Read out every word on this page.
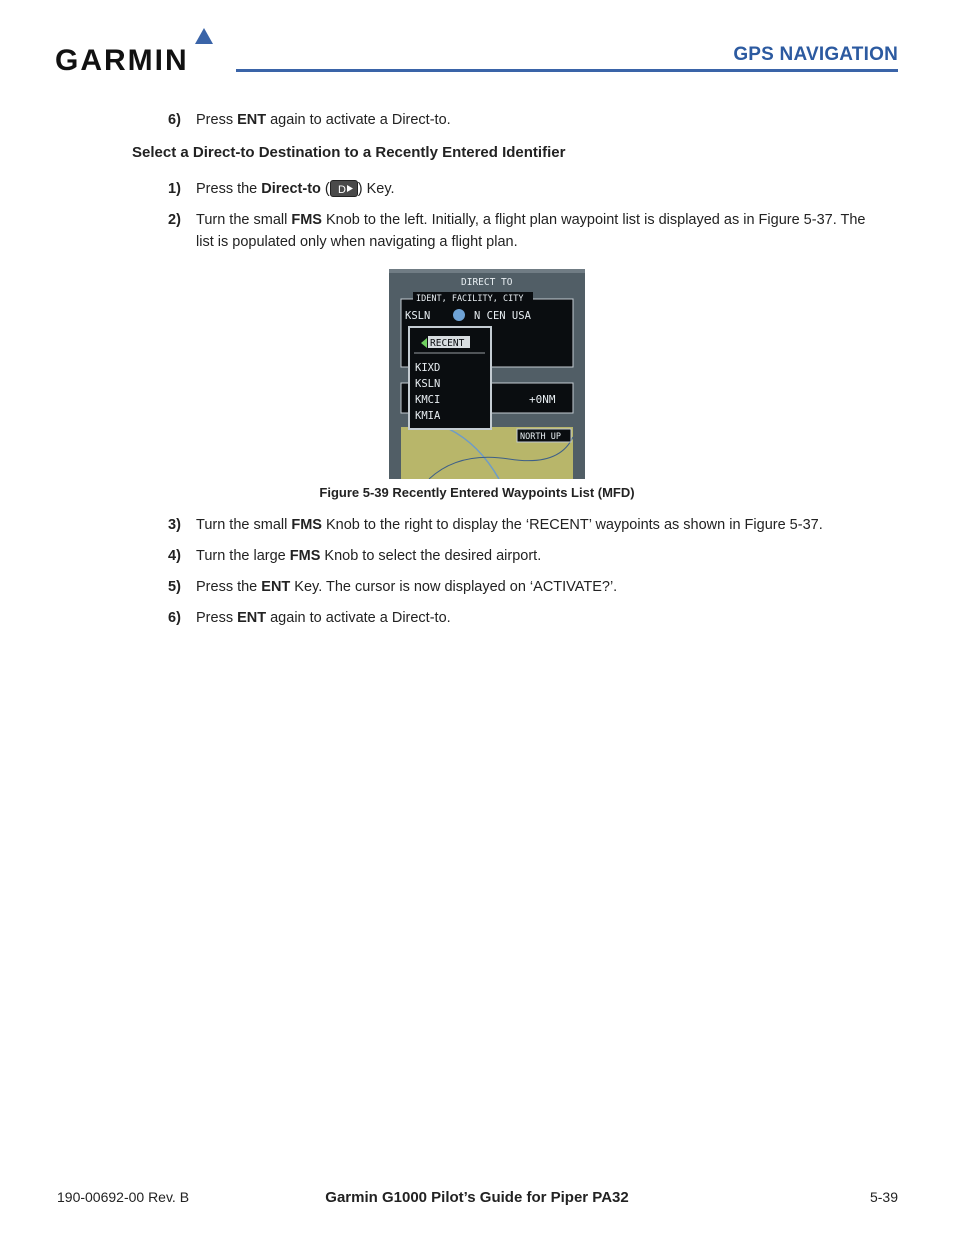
GARMIN	GPS NAVIGATION
6) Press ENT again to activate a Direct-to.
Select a Direct-to Destination to a Recently Entered Identifier
1) Press the Direct-to ( D ) Key.
2) Turn the small FMS Knob to the left. Initially, a flight plan waypoint list is displayed as in Figure 5-37. The list is populated only when navigating a flight plan.
DIRECT TO
IDENT, FACILITY, CITY
KSLN	N CEN USA
+0NM
NORTH UP
RECENT
KIXD
KSLN
KMCI
KMIA
Figure 5-39 Recently Entered Waypoints List (MFD)
3) Turn the small FMS Knob to the right to display the ‘RECENT’ waypoints as shown in Figure 5-37.
4) Turn the large FMS Knob to select the desired airport.
5) Press the ENT Key. The cursor is now displayed on ‘ACTIVATE?’.
6) Press ENT again to activate a Direct-to.
190-00692-00 Rev. B	Garmin G1000 Pilot’s Guide for Piper PA32	5-39
